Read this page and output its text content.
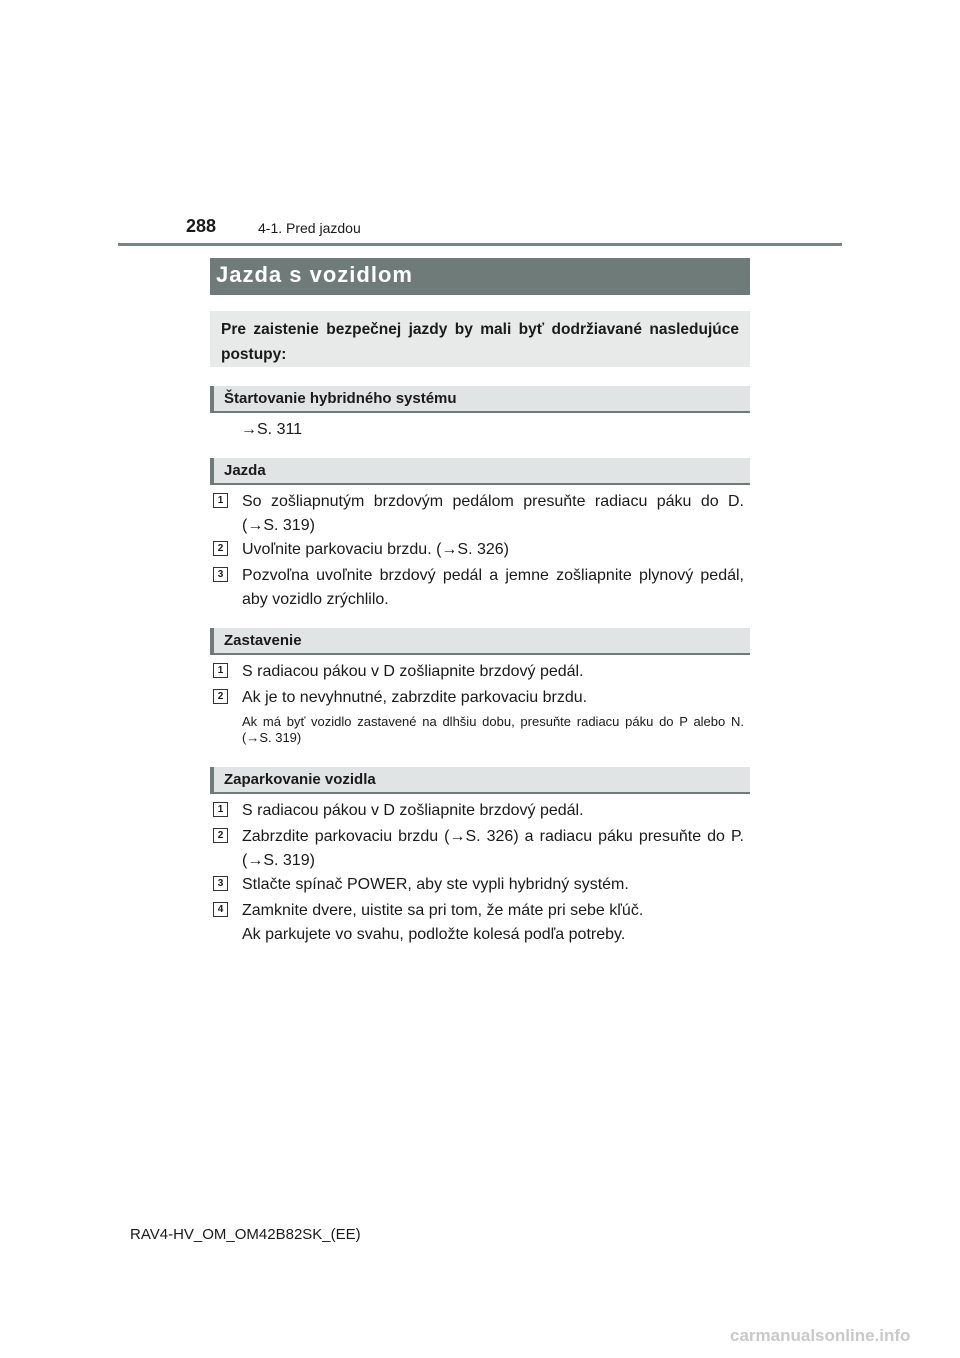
288	4-1. Pred jazdou
Jazda s vozidlom
Pre zaistenie bezpečnej jazdy by mali byť dodržiavané nasledujúce postupy:
Štartovanie hybridného systému
→S. 311
Jazda
1 So zošliapnutým brzdovým pedálom presuňte radiacu páku do D. (→S. 319)
2 Uvoľnite parkovaciu brzdu. (→S. 326)
3 Pozvoľna uvoľnite brzdový pedál a jemne zošliapnite plynový pedál, aby vozidlo zrýchlilo.
Zastavenie
1 S radiacou pákou v D zošliapnite brzdový pedál.
2 Ak je to nevyhnutné, zabrzdite parkovaciu brzdu.
Ak má byť vozidlo zastavené na dlhšiu dobu, presuňte radiacu páku do P alebo N. (→S. 319)
Zaparkovanie vozidla
1 S radiacou pákou v D zošliapnite brzdový pedál.
2 Zabrzdite parkovaciu brzdu (→S. 326) a radiacu páku presuňte do P. (→S. 319)
3 Stlačte spínač POWER, aby ste vypli hybridný systém.
4 Zamknite dvere, uistite sa pri tom, že máte pri sebe kľúč.
Ak parkujete vo svahu, podložte kolesá podľa potreby.
RAV4-HV_OM_OM42B82SK_(EE)
carmanualsonline.info
